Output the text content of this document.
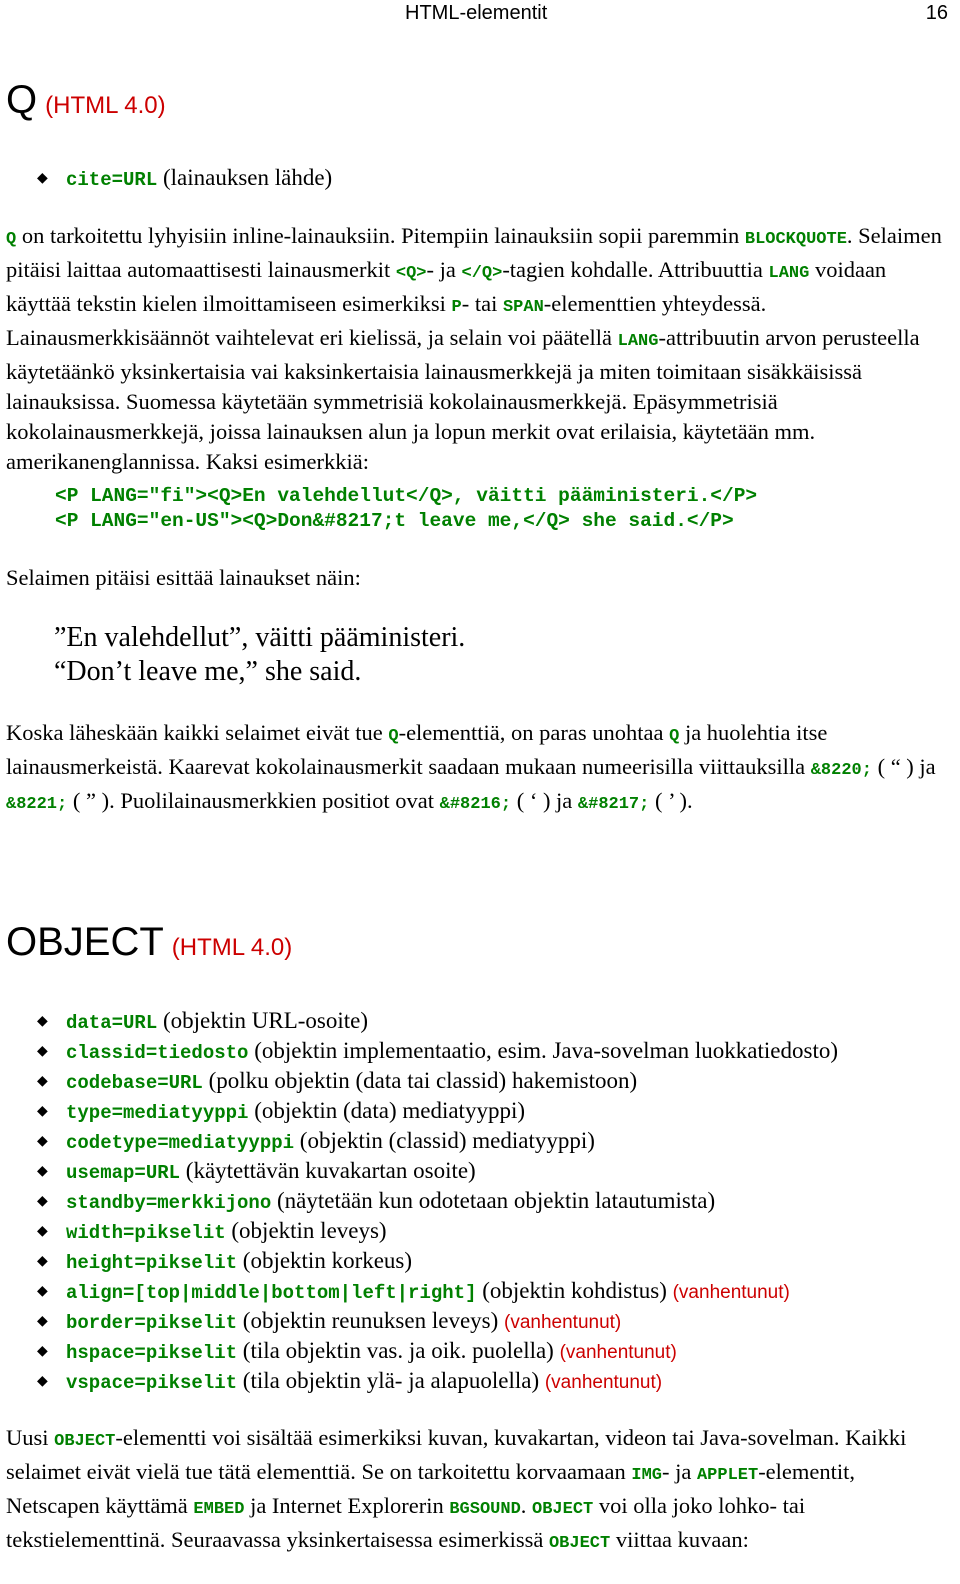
HTML-elementit	16
Q (HTML 4.0)
◆ cite=URL (lainauksen lähde)
Q on tarkoitettu lyhyisiin inline-lainauksiin. Pitempiin lainauksiin sopii paremmin BLOCKQUOTE. Selaimen pitäisi laittaa automaattisesti lainausmerkit <Q>- ja </Q>-tagien kohdalle. Attribuuttia LANG voidaan käyttää tekstin kielen ilmoittamiseen esimerkiksi P- tai SPAN-elementtien yhteydessä. Lainausmerkkisäännöt vaihtelevat eri kielissä, ja selain voi päätellä LANG-attribuutin arvon perusteella käytetäänkö yksinkertaisia vai kaksinkertaisia lainausmerkkejä ja miten toimitaan sisäkkäisissä lainauksissa. Suomessa käytetään symmetrisiä kokolainausmerkkejä. Epäsymmetrisiä kokolainausmerkkejä, joissa lainauksen alun ja lopun merkit ovat erilaisia, käytetään mm. amerikanenglannissa. Kaksi esimerkkiä:
<P LANG="fi"><Q>En valehdellut</Q>, väitti pääministeri.</P>
<P LANG="en-US"><Q>Don&#8217;t leave me,</Q> she said.</P>
Selaimen pitäisi esittää lainaukset näin:
”En valehdellut”, väitti pääministeri.
“Don’t leave me,” she said.
Koska läheskään kaikki selaimet eivät tue Q-elementtiä, on paras unohtaa Q ja huolehtia itse lainausmerkeistä. Kaarevat kokolainausmerkit saadaan mukaan numeerisilla viittauksilla &8220; ( “ ) ja &8221; ( ” ). Puolilainausmerkkien positiot ovat &#8216; ( ‘ ) ja &#8217; ( ’ ).
OBJECT (HTML 4.0)
◆ data=URL (objektin URL-osoite)
◆ classid=tiedosto (objektin implementaatio, esim. Java-sovelman luokkatiedosto)
◆ codebase=URL (polku objektin (data tai classid) hakemistoon)
◆ type=mediatyyppi (objektin (data) mediatyyppi)
◆ codetype=mediatyyppi (objektin (classid) mediatyyppi)
◆ usemap=URL (käytettävän kuvakartan osoite)
◆ standby=merkkijono (näytetään kun odotetaan objektin latautumista)
◆ width=pikselit (objektin leveys)
◆ height=pikselit (objektin korkeus)
◆ align=[top|middle|bottom|left|right] (objektin kohdistus) (vanhentunut)
◆ border=pikselit (objektin reunuksen leveys) (vanhentunut)
◆ hspace=pikselit (tila objektin vas. ja oik. puolella) (vanhentunut)
◆ vspace=pikselit (tila objektin ylä- ja alapuolella) (vanhentunut)
Uusi OBJECT-elementti voi sisältää esimerkiksi kuvan, kuvakartan, videon tai Java-sovelman. Kaikki selaimet eivät vielä tue tätä elementtiä. Se on tarkoitettu korvaamaan IMG- ja APPLET-elementit, Netscapen käyttämä EMBED ja Internet Explorerin BGSOUND. OBJECT voi olla joko lohko- tai tekstielementtinä. Seuraavassa yksinkertaisessa esimerkissä OBJECT viittaa kuvaan:
